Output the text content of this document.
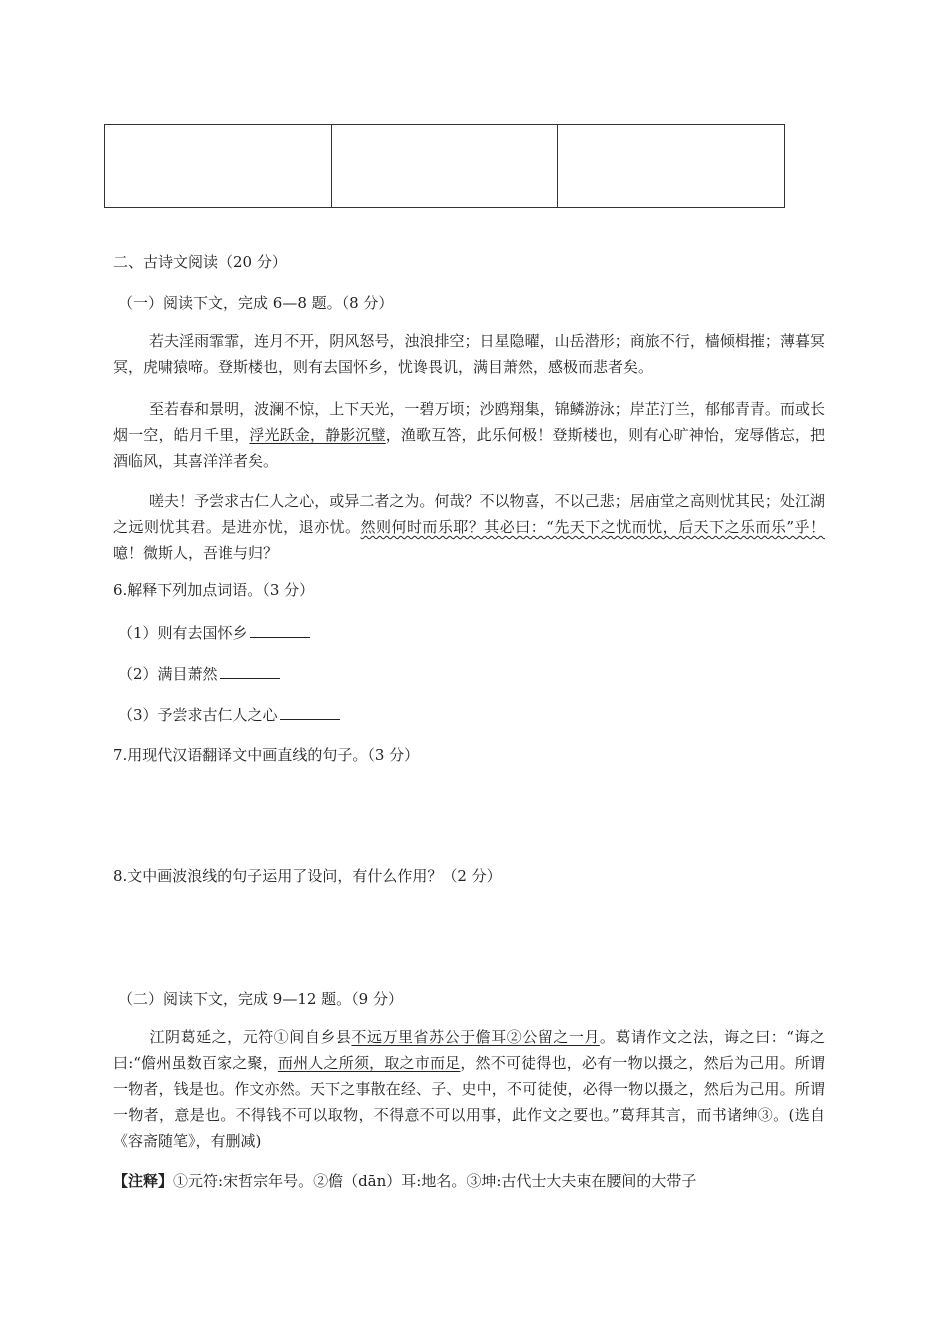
二、古诗文阅读（20 分）
（一）阅读下文，完成 6—8 题。（8 分）
若夫淫雨霏霏，连月不开，阴风怒号，浊浪排空；日星隐曜，山岳潜形；商旅不行，樯倾楫摧；薄暮冥冥，虎啸猿啼。登斯楼也，则有去国怀乡，忧谗畏讥，满目萧然，感极而悲者矣。
至若春和景明，波澜不惊，上下天光，一碧万顷；沙鸥翔集，锦鳞游泳；岸芷汀兰，郁郁青青。而或长烟一空，皓月千里，浮光跃金，静影沉璧，渔歌互答，此乐何极！登斯楼也，则有心旷神怡，宠辱偕忘，把酒临风，其喜洋洋者矣。
嗟夫！予尝求古仁人之心，或异二者之为。何哉？不以物喜，不以己悲；居庙堂之高则忧其民；处江湖之远则忧其君。是进亦忧，退亦忧。然则何时而乐耶？其必曰：“先天下之忧而忧，后天下之乐而乐”乎！噫！微斯人，吾谁与归？
6.解释下列加点词语。（3 分）
（1）则有去国怀乡
（2）满目萧然
（3）予尝求古仁人之心
7.用现代汉语翻译文中画直线的句子。（3 分）
8.文中画波浪线的句子运用了设问，有什么作用？（2 分）
（二）阅读下文，完成 9—12 题。（9 分）
江阴葛延之，元符①间自乡县不远万里省苏公于儋耳②公留之一月。葛请作文之法，诲之曰：“诲之曰:“儋州虽数百家之聚，而州人之所须，取之市而足，然不可徒得也，必有一物以摄之，然后为己用。所谓一物者，钱是也。作文亦然。天下之事散在经、子、史中，不可徒使，必得一物以摄之，然后为己用。所谓一物者，意是也。不得钱不可以取物，不得意不可以用事，此作文之要也。”葛拜其言，而书诸绅③。(选自《容斋随笔》，有删减)
【注释】①元符:宋哲宗年号。②儋（dān）耳:地名。③坤:古代士大夫束在腰间的大带子
